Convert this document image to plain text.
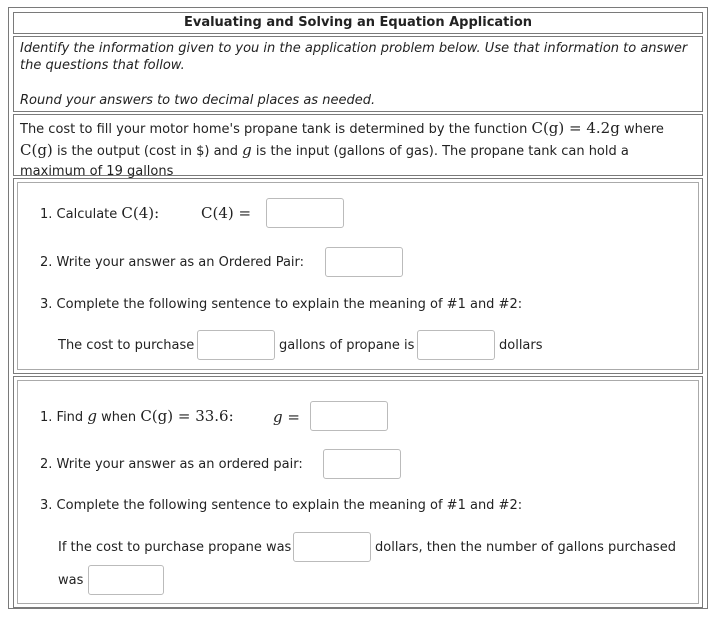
Evaluating and Solving an Equation Application
Identify the information given to you in the application problem below. Use that information to answer the questions that follow.
Round your answers to two decimal places as needed.
The cost to fill your motor home's propane tank is determined by the function C(g) = 4.2g where
C(g) is the output (cost in $) and g is the input (gallons of gas). The propane tank can hold a maximum of 19 gallons
1. Calculate C(4):	C(4) =
2. Write your answer as an Ordered Pair:
3. Complete the following sentence to explain the meaning of #1 and #2:
The cost to purchase	gallons of propane is	dollars
1. Find g when C(g) = 33.6:	g =
2. Write your answer as an ordered pair:
3. Complete the following sentence to explain the meaning of #1 and #2:
If the cost to purchase propane was	dollars, then the number of gallons purchased
was
